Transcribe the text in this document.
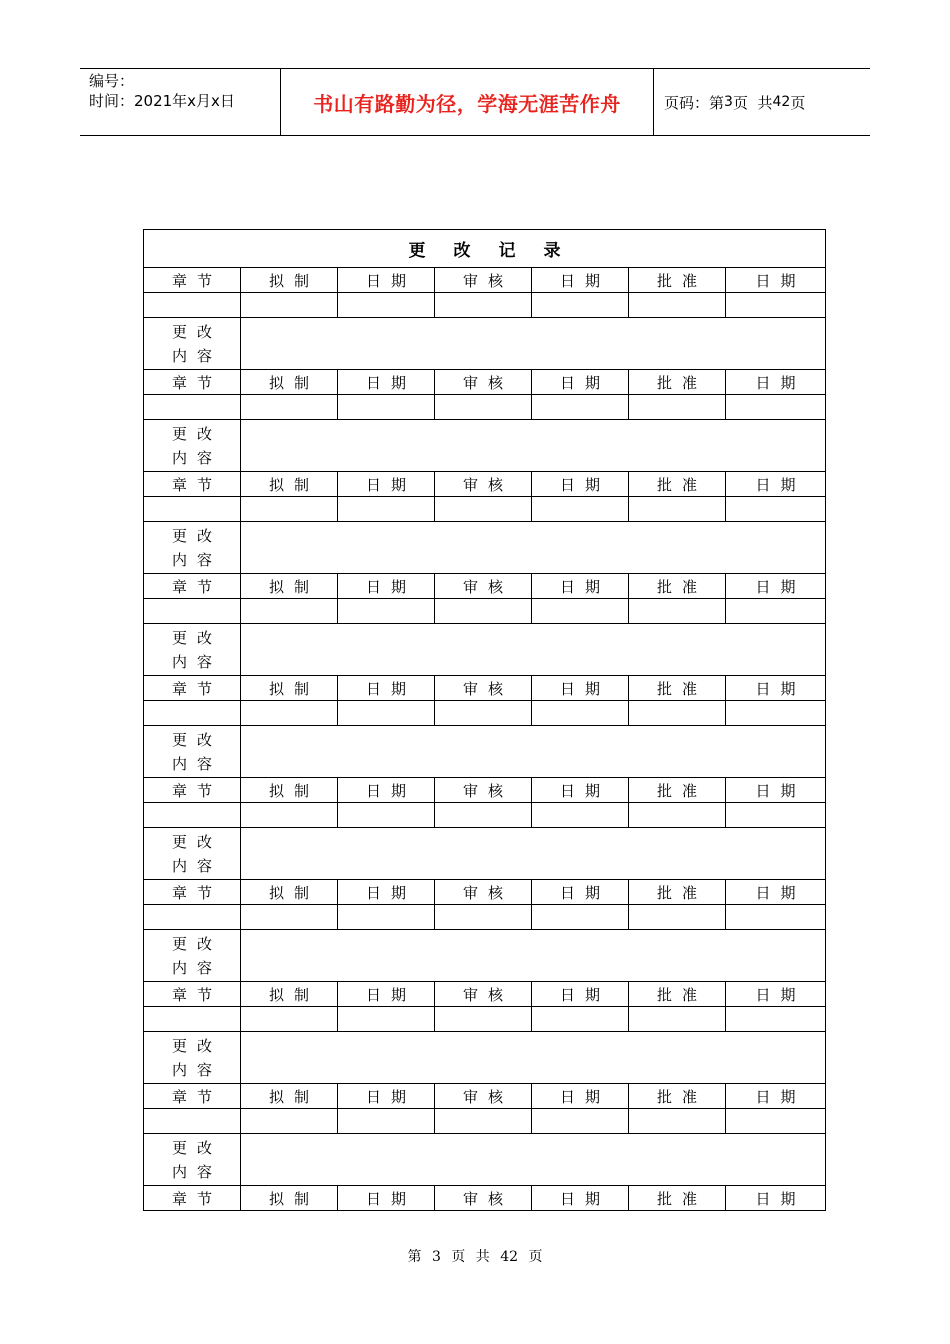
编号：
时间：2021年x月x日	书山有路勤为径，学海无涯苦作舟	页码：第 3 页  共 42 页
更改记录						
章节	拟制	日期	审核	日期	批准	日期

更改
内容						

章节	拟制	日期	审核	日期	批准	日期

更改
内容						

章节	拟制	日期	审核	日期	批准	日期

更改
内容						

章节	拟制	日期	审核	日期	批准	日期

更改
内容						

章节	拟制	日期	审核	日期	批准	日期

更改
内容						

章节	拟制	日期	审核	日期	批准	日期

更改
内容						

章节	拟制	日期	审核	日期	批准	日期

更改
内容						

章节	拟制	日期	审核	日期	批准	日期

更改
内容						

章节	拟制	日期	审核	日期	批准	日期

更改
内容						

章节	拟制	日期	审核	日期	批准	日期
第 3 页 共 42 页
